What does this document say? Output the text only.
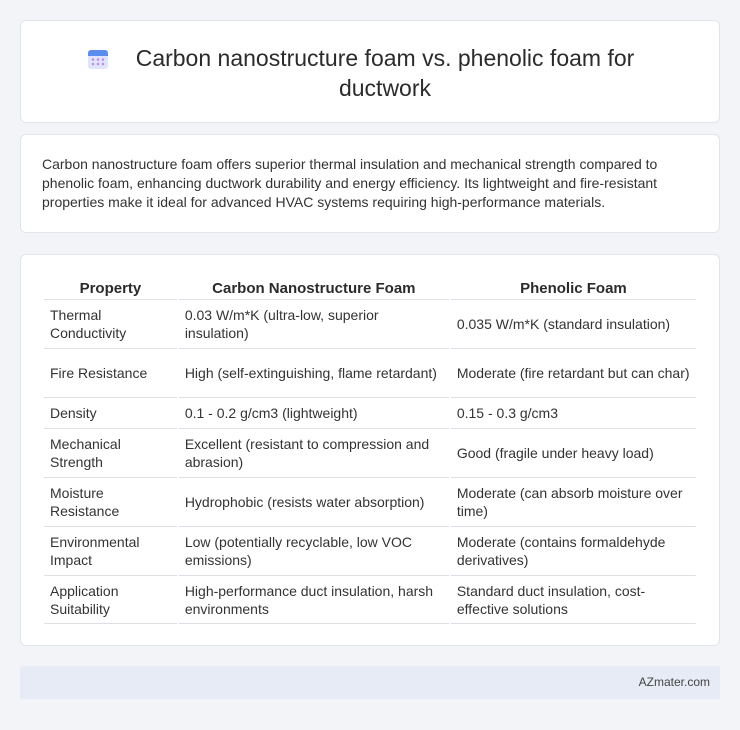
Carbon nanostructure foam vs. phenolic foam for ductwork

Carbon nanostructure foam offers superior thermal insulation and mechanical strength compared to phenolic foam, enhancing ductwork durability and energy efficiency. Its lightweight and fire-resistant properties make it ideal for advanced HVAC systems requiring high-performance materials.

Property	Carbon Nanostructure Foam	Phenolic Foam
Thermal Conductivity	0.03 W/m*K (ultra-low, superior insulation)	0.035 W/m*K (standard insulation)
Fire Resistance	High (self-extinguishing, flame retardant)	Moderate (fire retardant but can char)
Density	0.1 - 0.2 g/cm3 (lightweight)	0.15 - 0.3 g/cm3
Mechanical Strength	Excellent (resistant to compression and abrasion)	Good (fragile under heavy load)
Moisture Resistance	Hydrophobic (resists water absorption)	Moderate (can absorb moisture over time)
Environmental Impact	Low (potentially recyclable, low VOC emissions)	Moderate (contains formaldehyde derivatives)
Application Suitability	High-performance duct insulation, harsh environments	Standard duct insulation, cost-effective solutions
AZmater.com
